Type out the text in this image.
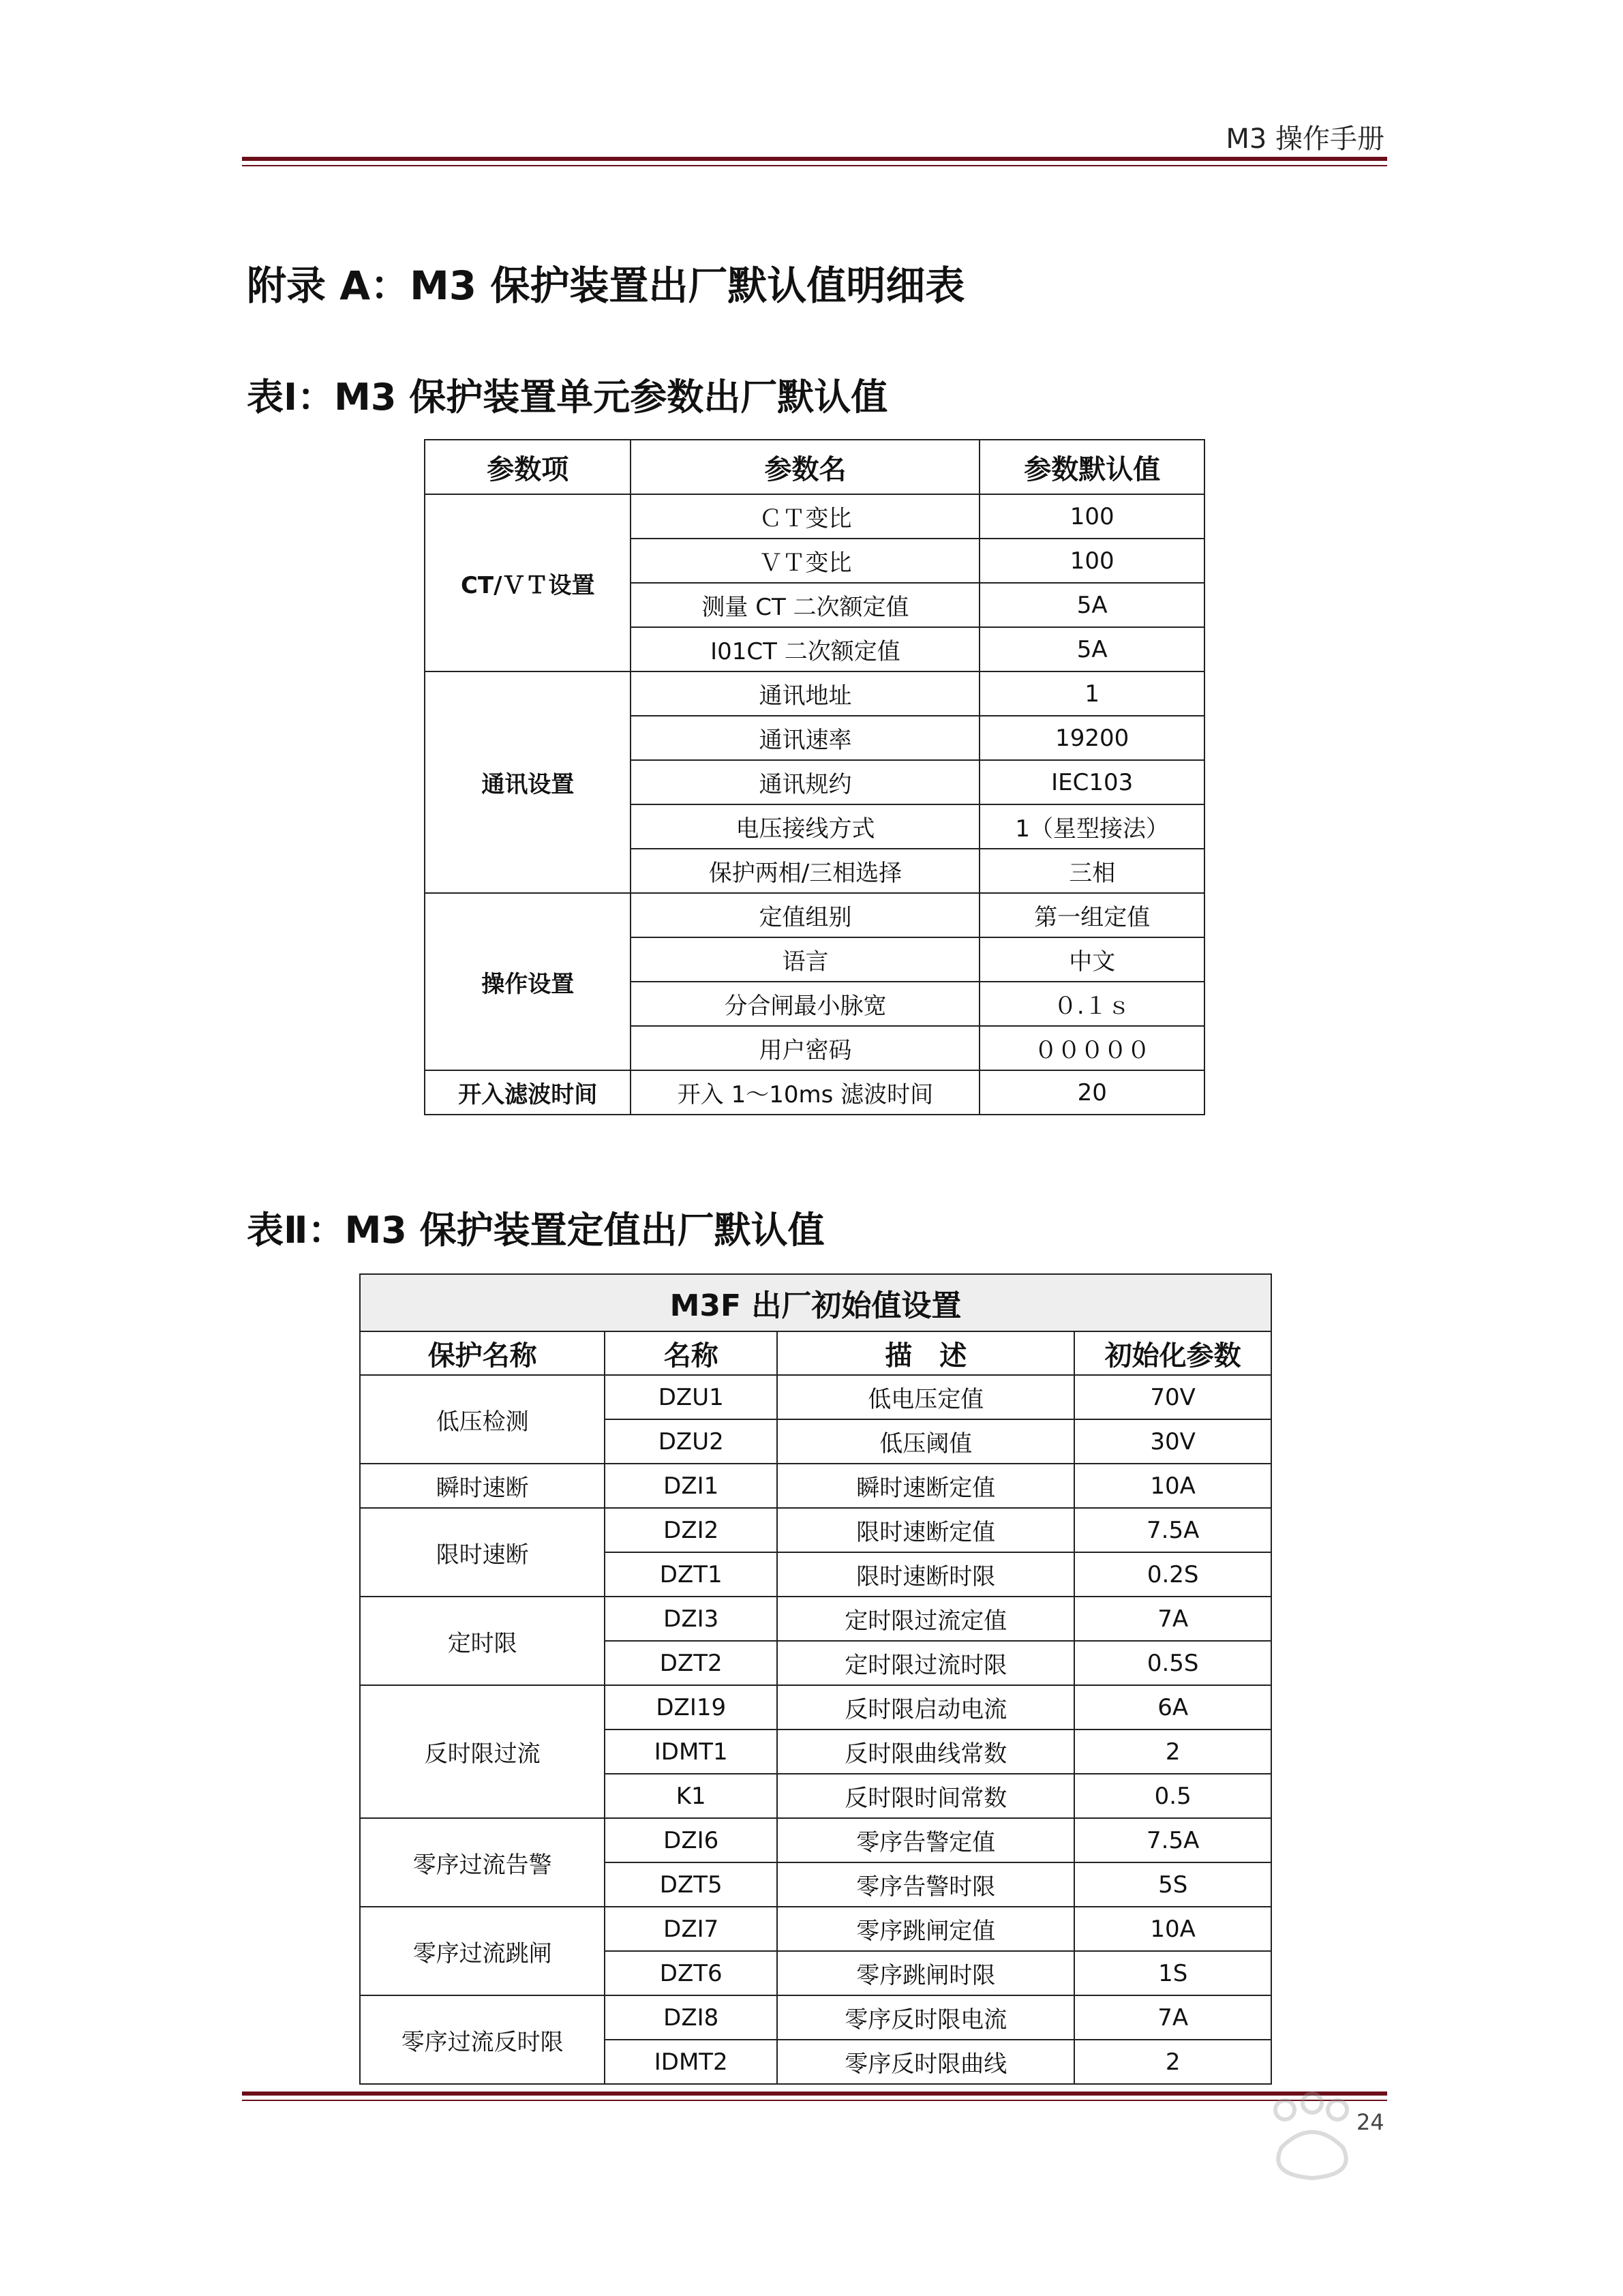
M3 操作手册
附录 A：M3 保护装置出厂默认值明细表
表Ⅰ：M3 保护装置单元参数出厂默认值
参数项	参数名	参数默认值
CT/ＶＴ设置	ＣＴ变比	100
	ＶＴ变比	100
	测量 CT 二次额定值	5A
	I01CT 二次额定值	5A
通讯设置	通讯地址	1
	通讯速率	19200
	通讯规约	IEC103
	电压接线方式	1（星型接法）
	保护两相/三相选择	三相
操作设置	定值组别	第一组定值
	语言	中文
	分合闸最小脉宽	０.１ｓ
	用户密码	０００００
开入滤波时间	开入 1～10ms 滤波时间	20
表Ⅱ：M3 保护装置定值出厂默认值
M3F 出厂初始值设置			
保护名称	名称	描　述	初始化参数
低压检测	DZU1	低电压定值	70V
	DZU2	低压阈值	30V
瞬时速断	DZI1	瞬时速断定值	10A
限时速断	DZI2	限时速断定值	7.5A
	DZT1	限时速断时限	0.2S
定时限	DZI3	定时限过流定值	7A
	DZT2	定时限过流时限	0.5S
反时限过流	DZI19	反时限启动电流	6A
	IDMT1	反时限曲线常数	2
	K1	反时限时间常数	0.5
零序过流告警	DZI6	零序告警定值	7.5A
	DZT5	零序告警时限	5S
零序过流跳闸	DZI7	零序跳闸定值	10A
	DZT6	零序跳闸时限	1S
零序过流反时限	DZI8	零序反时限电流	7A
	IDMT2	零序反时限曲线	2
24
